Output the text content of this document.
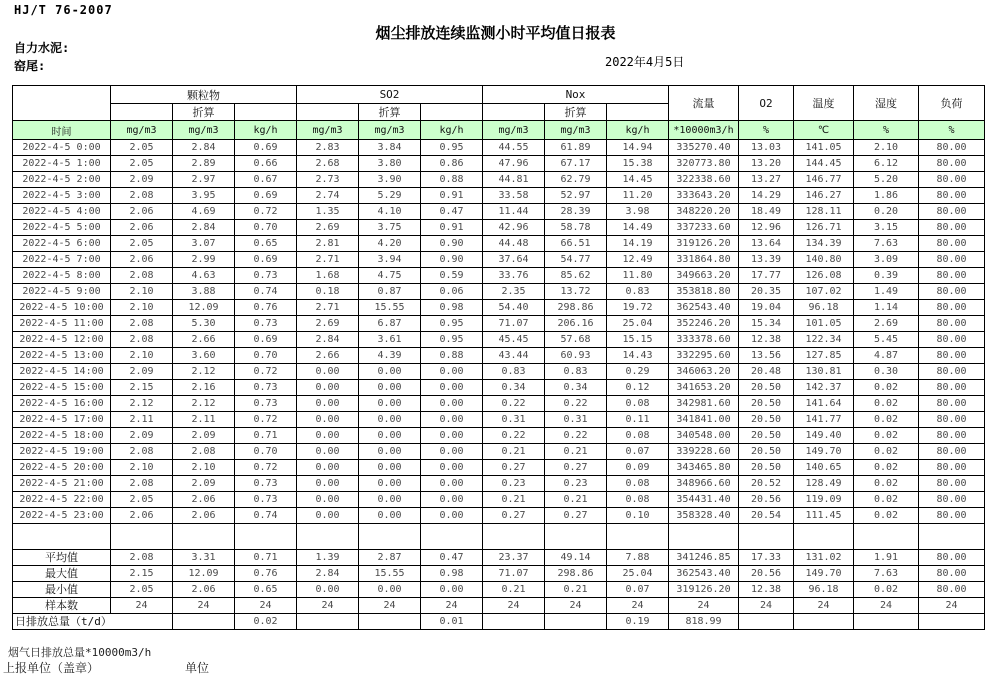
HJ/T 76-2007
烟尘排放连续监测小时平均值日报表
自力水泥:
窑尾:	2022年4月5日
	颗粒物			SO2			Nox			流量	O2	温度	湿度	负荷
		折算			折算			折算						
时间	mg/m3	mg/m3	kg/h	mg/m3	mg/m3	kg/h	mg/m3	mg/m3	kg/h	*10000m3/h	%	℃	%	%
2022-4-5 0:00	2.05	2.84	0.69	2.83	3.84	0.95	44.55	61.89	14.94	335270.40	13.03	141.05	2.10	80.00
2022-4-5 1:00	2.05	2.89	0.66	2.68	3.80	0.86	47.96	67.17	15.38	320773.80	13.20	144.45	6.12	80.00
2022-4-5 2:00	2.09	2.97	0.67	2.73	3.90	0.88	44.81	62.79	14.45	322338.60	13.27	146.77	5.20	80.00
2022-4-5 3:00	2.08	3.95	0.69	2.74	5.29	0.91	33.58	52.97	11.20	333643.20	14.29	146.27	1.86	80.00
2022-4-5 4:00	2.06	4.69	0.72	1.35	4.10	0.47	11.44	28.39	3.98	348220.20	18.49	128.11	0.20	80.00
2022-4-5 5:00	2.06	2.84	0.70	2.69	3.75	0.91	42.96	58.78	14.49	337233.60	12.96	126.71	3.15	80.00
2022-4-5 6:00	2.05	3.07	0.65	2.81	4.20	0.90	44.48	66.51	14.19	319126.20	13.64	134.39	7.63	80.00
2022-4-5 7:00	2.06	2.99	0.69	2.71	3.94	0.90	37.64	54.77	12.49	331864.80	13.39	140.80	3.09	80.00
2022-4-5 8:00	2.08	4.63	0.73	1.68	4.75	0.59	33.76	85.62	11.80	349663.20	17.77	126.08	0.39	80.00
2022-4-5 9:00	2.10	3.88	0.74	0.18	0.87	0.06	2.35	13.72	0.83	353818.80	20.35	107.02	1.49	80.00
2022-4-5 10:00	2.10	12.09	0.76	2.71	15.55	0.98	54.40	298.86	19.72	362543.40	19.04	96.18	1.14	80.00
2022-4-5 11:00	2.08	5.30	0.73	2.69	6.87	0.95	71.07	206.16	25.04	352246.20	15.34	101.05	2.69	80.00
2022-4-5 12:00	2.08	2.66	0.69	2.84	3.61	0.95	45.45	57.68	15.15	333378.60	12.38	122.34	5.45	80.00
2022-4-5 13:00	2.10	3.60	0.70	2.66	4.39	0.88	43.44	60.93	14.43	332295.60	13.56	127.85	4.87	80.00
2022-4-5 14:00	2.09	2.12	0.72	0.00	0.00	0.00	0.83	0.83	0.29	346063.20	20.48	130.81	0.30	80.00
2022-4-5 15:00	2.15	2.16	0.73	0.00	0.00	0.00	0.34	0.34	0.12	341653.20	20.50	142.37	0.02	80.00
2022-4-5 16:00	2.12	2.12	0.73	0.00	0.00	0.00	0.22	0.22	0.08	342981.60	20.50	141.64	0.02	80.00
2022-4-5 17:00	2.11	2.11	0.72	0.00	0.00	0.00	0.31	0.31	0.11	341841.00	20.50	141.77	0.02	80.00
2022-4-5 18:00	2.09	2.09	0.71	0.00	0.00	0.00	0.22	0.22	0.08	340548.00	20.50	149.40	0.02	80.00
2022-4-5 19:00	2.08	2.08	0.70	0.00	0.00	0.00	0.21	0.21	0.07	339228.60	20.50	149.70	0.02	80.00
2022-4-5 20:00	2.10	2.10	0.72	0.00	0.00	0.00	0.27	0.27	0.09	343465.80	20.50	140.65	0.02	80.00
2022-4-5 21:00	2.08	2.09	0.73	0.00	0.00	0.00	0.23	0.23	0.08	348966.60	20.52	128.49	0.02	80.00
2022-4-5 22:00	2.05	2.06	0.73	0.00	0.00	0.00	0.21	0.21	0.08	354431.40	20.56	119.09	0.02	80.00
2022-4-5 23:00	2.06	2.06	0.74	0.00	0.00	0.00	0.27	0.27	0.10	358328.40	20.54	111.45	0.02	80.00

平均值	2.08	3.31	0.71	1.39	2.87	0.47	23.37	49.14	7.88	341246.85	17.33	131.02	1.91	80.00
最大值	2.15	12.09	0.76	2.84	15.55	0.98	71.07	298.86	25.04	362543.40	20.56	149.70	7.63	80.00
最小值	2.05	2.06	0.65	0.00	0.00	0.00	0.21	0.21	0.07	319126.20	12.38	96.18	0.02	80.00
样本数	24	24	24	24	24	24	24	24	24	24	24	24	24	24
日排放总量（t/d）			0.02			0.01			0.19	818.99				
烟气日排放总量*10000m3/h
上报单位（盖章）	单位
